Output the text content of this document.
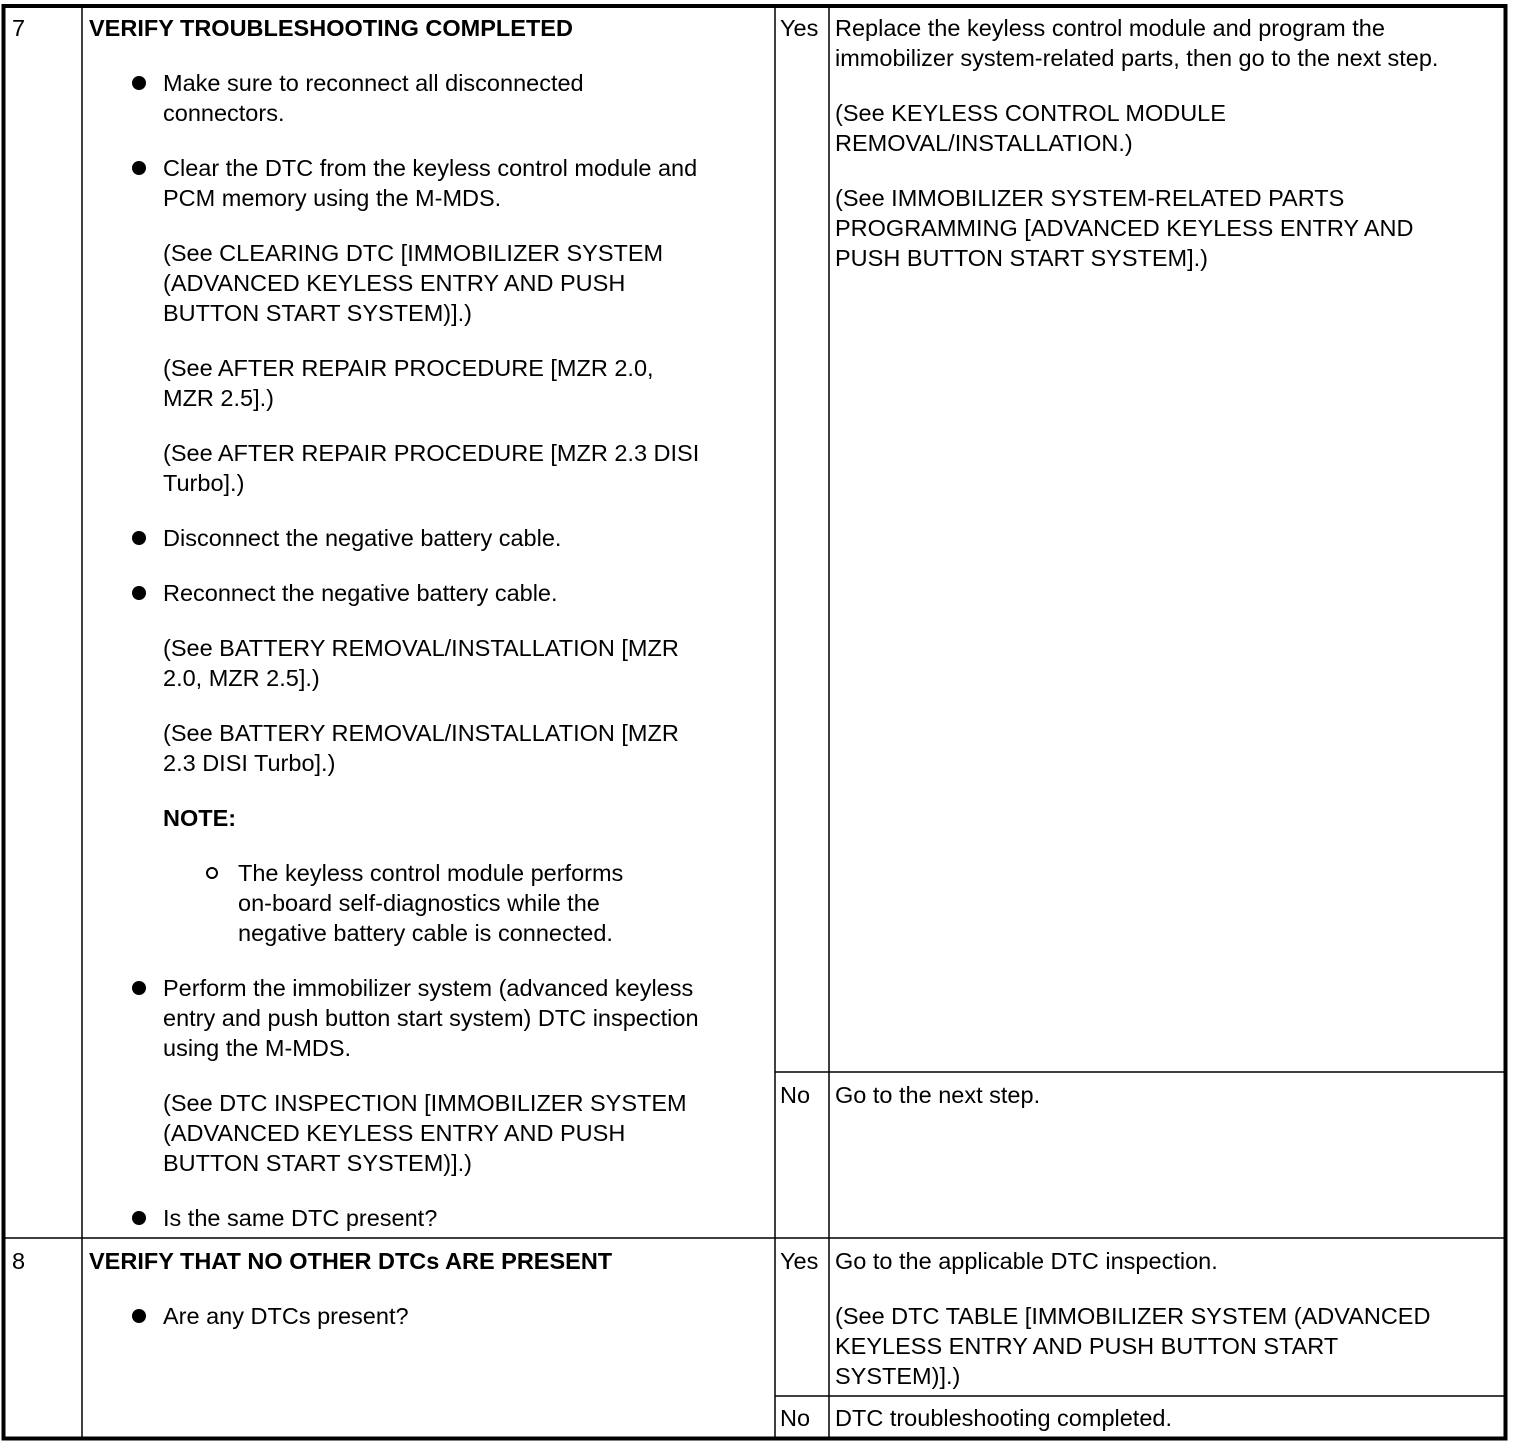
7	VERIFY TROUBLESHOOTING COMPLETED
Make sure to reconnect all disconnected
connectors.
Clear the DTC from the keyless control module and
PCM memory using the M-MDS.
(See CLEARING DTC [IMMOBILIZER SYSTEM
(ADVANCED KEYLESS ENTRY AND PUSH
BUTTON START SYSTEM)].)
(See AFTER REPAIR PROCEDURE [MZR 2.0,
MZR 2.5].)
(See AFTER REPAIR PROCEDURE [MZR 2.3 DISI
Turbo].)
Disconnect the negative battery cable.
Reconnect the negative battery cable.
(See BATTERY REMOVAL/INSTALLATION [MZR
2.0, MZR 2.5].)
(See BATTERY REMOVAL/INSTALLATION [MZR
2.3 DISI Turbo].)
NOTE:
The keyless control module performs
on-board self-diagnostics while the
negative battery cable is connected.
Perform the immobilizer system (advanced keyless
entry and push button start system) DTC inspection
using the M-MDS.
(See DTC INSPECTION [IMMOBILIZER SYSTEM
(ADVANCED KEYLESS ENTRY AND PUSH
BUTTON START SYSTEM)].)
Is the same DTC present?
Yes Replace the keyless control module and program the
immobilizer system-related parts, then go to the next step.
(See KEYLESS CONTROL MODULE
REMOVAL/INSTALLATION.)
(See IMMOBILIZER SYSTEM-RELATED PARTS
PROGRAMMING [ADVANCED KEYLESS ENTRY AND
PUSH BUTTON START SYSTEM].)
No Go to the next step.
8	VERIFY THAT NO OTHER DTCs ARE PRESENT
Are any DTCs present?
Yes Go to the applicable DTC inspection.
(See DTC TABLE [IMMOBILIZER SYSTEM (ADVANCED
KEYLESS ENTRY AND PUSH BUTTON START
SYSTEM)].)
No DTC troubleshooting completed.
